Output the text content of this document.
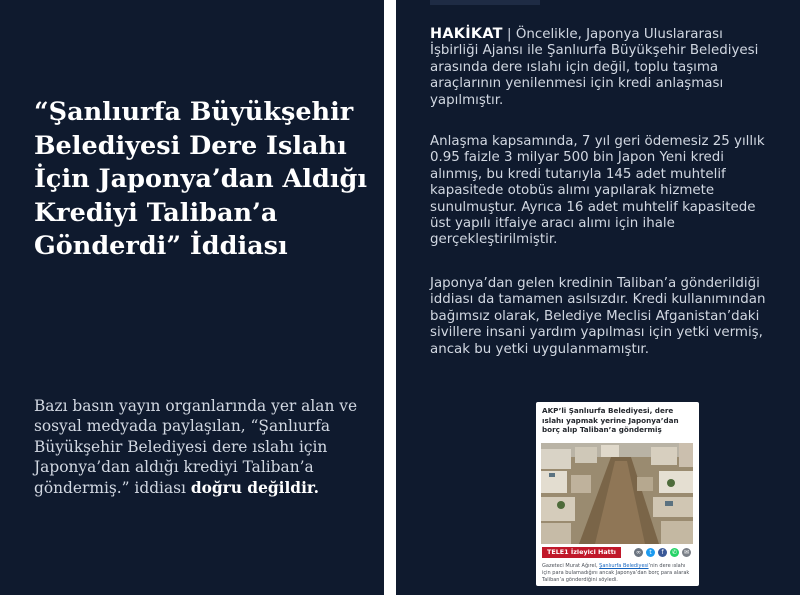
“Şanlıurfa Büyükşehir Belediyesi Dere Islahı İçin Japonya’dan Aldığı Krediyi Taliban’a Gönderdi” İddiası

Bazı basın yayın organlarında yer alan ve sosyal medyada paylaşılan, “Şanlıurfa Büyükşehir Belediyesi dere ıslahı için Japonya’dan aldığı krediyi Taliban’a göndermiş.” iddiası doğru değildir.

HAKİKAT | Öncelikle, Japonya Uluslararası İşbirliği Ajansı ile Şanlıurfa Büyükşehir Belediyesi arasında dere ıslahı için değil, toplu taşıma araçlarının yenilenmesi için kredi anlaşması yapılmıştır.

Anlaşma kapsamında, 7 yıl geri ödemesiz 25 yıllık 0.95 faizle 3 milyar 500 bin Japon Yeni kredi alınmış, bu kredi tutarıyla 145 adet muhtelif kapasitede otobüs alımı yapılarak hizmete sunulmuştur. Ayrıca 16 adet muhtelif kapasitede üst yapılı itfaiye aracı alımı için ihale gerçekleştirilmiştir.

Japonya’dan gelen kredinin Taliban’a gönderildiği iddiası da tamamen asılsızdır. Kredi kullanımından bağımsız olarak, Belediye Meclisi Afganistan’daki sivillere insani yardım yapılması için yetki vermiş, ancak bu yetki uygulanmamıştır.

AKP’li Şanlıurfa Belediyesi, dere ıslahı yapmak yerine Japonya’dan borç alıp Taliban’a göndermiş

TELE1 İzleyici Hattı	∞	t	f	✆	✉

Gazeteci Murat Ağırel, Şanlıurfa Belediyesi’nin dere ıslahı için para bulamadığını ancak Japonya’dan borç para alarak Taliban’a gönderdiğini söyledi.
